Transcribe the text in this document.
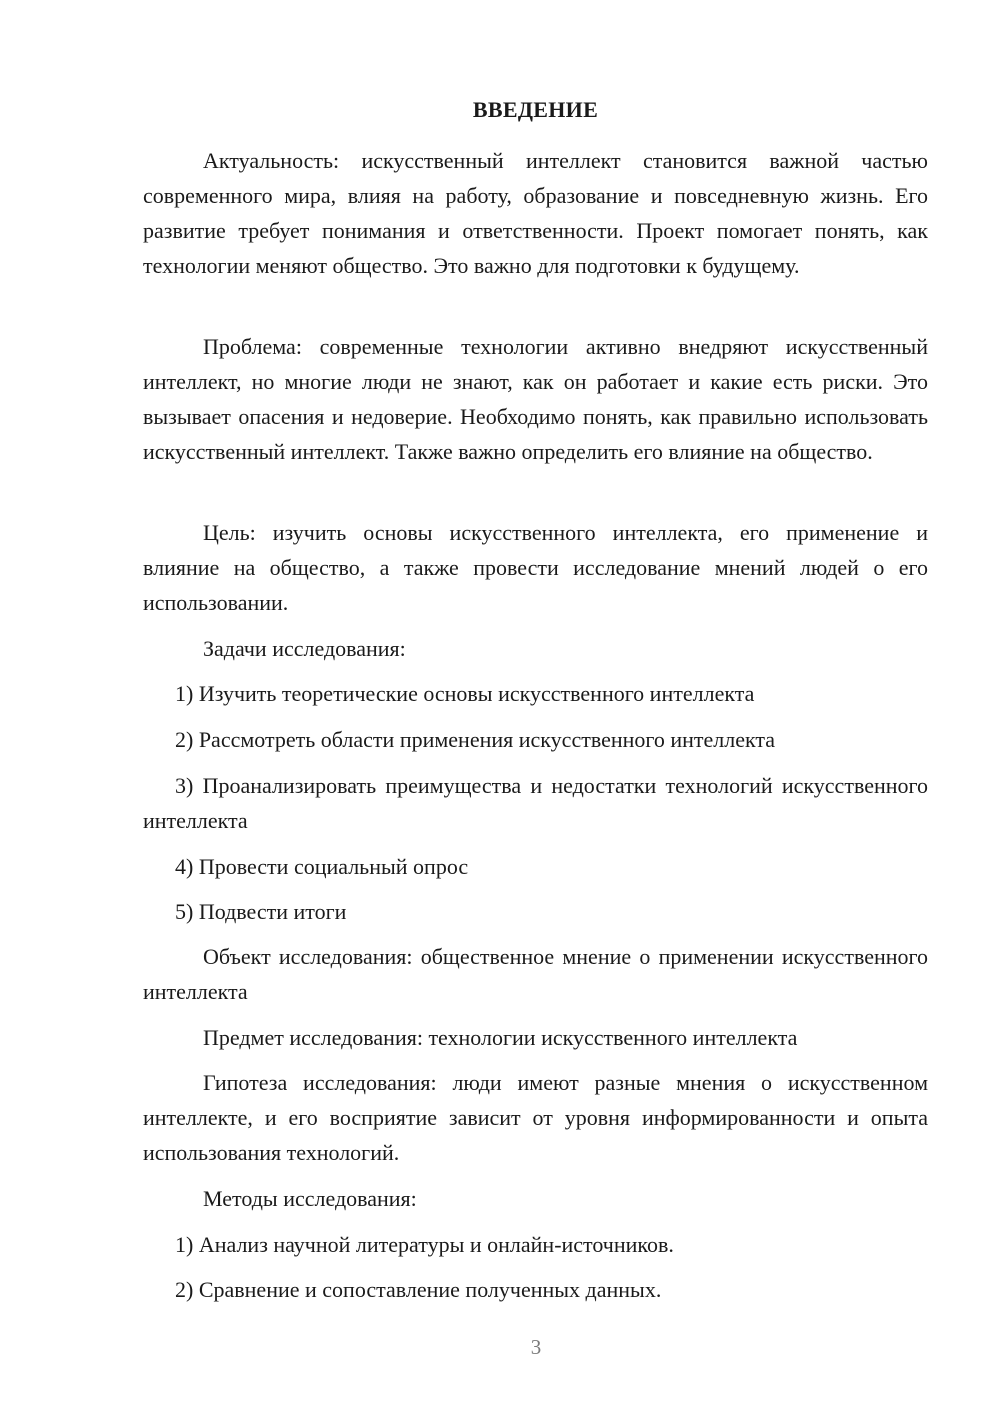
ВВЕДЕНИЕ

Актуальность: искусственный интеллект становится важной частью современного мира, влияя на работу, образование и повседневную жизнь. Его развитие требует понимания и ответственности. Проект помогает понять, как технологии меняют общество. Это важно для подготовки к будущему.

Проблема: современные технологии активно внедряют искусственный интеллект, но многие люди не знают, как он работает и какие есть риски. Это вызывает опасения и недоверие. Необходимо понять, как правильно использовать искусственный интеллект. Также важно определить его влияние на общество.

Цель: изучить основы искусственного интеллекта, его применение и влияние на общество, а также провести исследование мнений людей о его использовании.

Задачи исследования:

1) Изучить теоретические основы искусственного интеллекта

2) Рассмотреть области применения искусственного интеллекта

3) Проанализировать преимущества и недостатки технологий искусственного интеллекта

4) Провести социальный опрос

5) Подвести итоги

Объект исследования: общественное мнение о применении искусственного интеллекта

Предмет исследования: технологии искусственного интеллекта

Гипотеза исследования: люди имеют разные мнения о искусственном интеллекте, и его восприятие зависит от уровня информированности и опыта использования технологий.

Методы исследования:

1) Анализ научной литературы и онлайн-источников.

2) Сравнение и сопоставление полученных данных.

3
